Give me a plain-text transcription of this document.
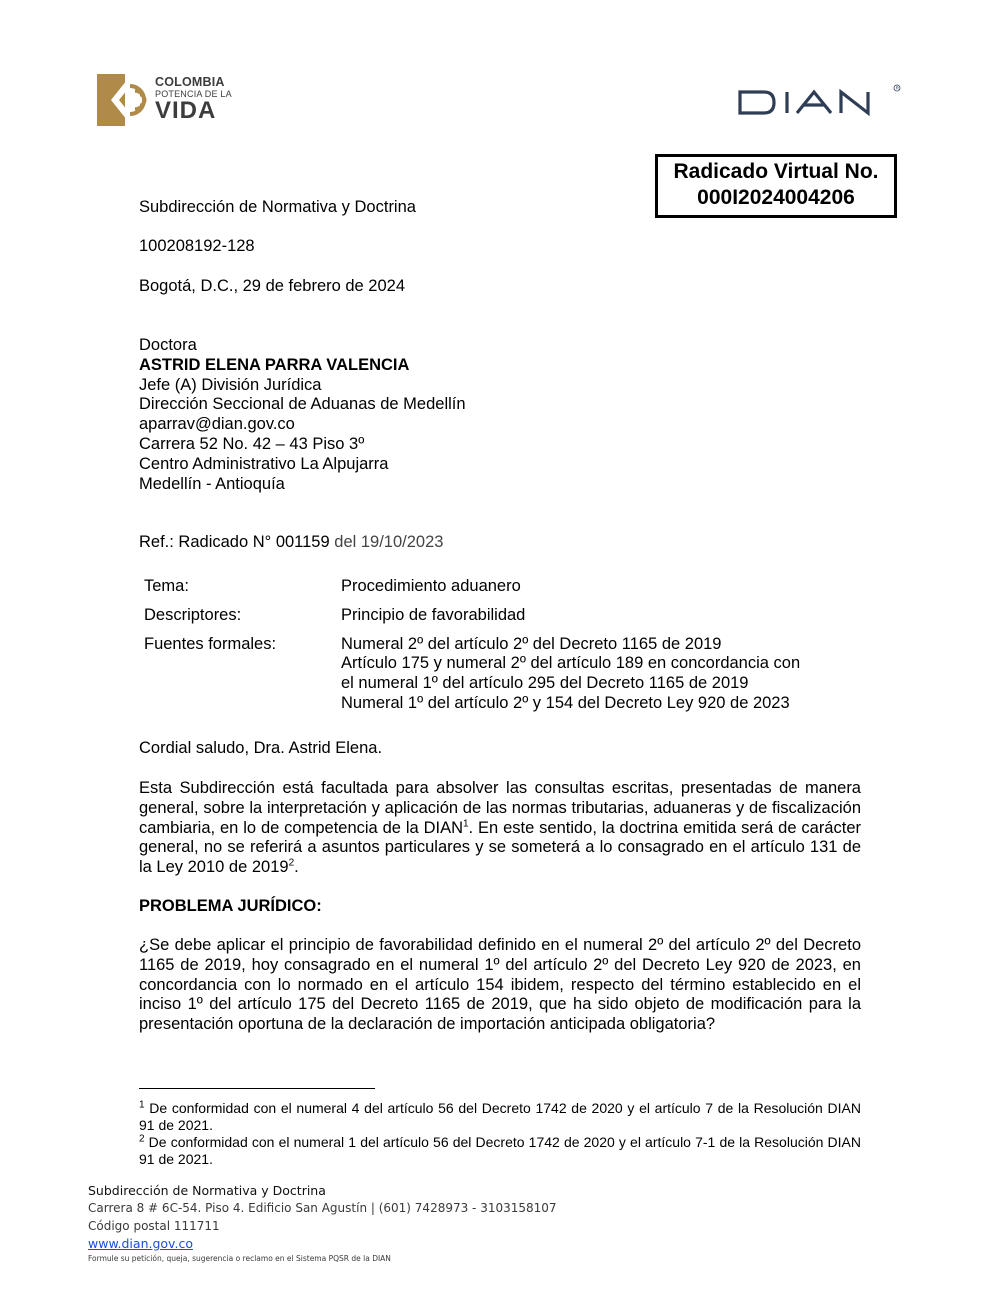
COLOMBIA
POTENCIA DE LA
VIDA
R
Radicado Virtual No.
000I2024004206
Subdirección de Normativa y Doctrina
100208192-128
Bogotá, D.C., 29 de febrero de 2024
Doctora
ASTRID ELENA PARRA VALENCIA
Jefe (A) División Jurídica
Dirección Seccional de Aduanas de Medellín
aparrav@dian.gov.co
Carrera 52 No. 42 – 43 Piso 3º
Centro Administrativo La Alpujarra
Medellín - Antioquía
Ref.: Radicado N° 001159 del 19/10/2023
Tema:	Procedimiento aduanero
Descriptores:	Principio de favorabilidad
Fuentes formales:	Numeral 2º del artículo 2º del Decreto 1165 de 2019
Artículo 175 y numeral 2º del artículo 189 en concordancia con
el numeral 1º del artículo 295 del Decreto 1165 de 2019
Numeral 1º del artículo 2º y 154 del Decreto Ley 920 de 2023
Cordial saludo, Dra. Astrid Elena.
Esta Subdirección está facultada para absolver las consultas escritas, presentadas de manera general, sobre la interpretación y aplicación de las normas tributarias, aduaneras y de fiscalización cambiaria, en lo de competencia de la DIAN$^1$. En este sentido, la doctrina emitida será de carácter general, no se referirá a asuntos particulares y se someterá a lo consagrado en el artículo 131 de la Ley 2010 de 2019$^2$.
PROBLEMA JURÍDICO:
¿Se debe aplicar el principio de favorabilidad definido en el numeral 2º del artículo 2º del Decreto 1165 de 2019, hoy consagrado en el numeral 1º del artículo 2º del Decreto Ley 920 de 2023, en concordancia con lo normado en el artículo 154 ibidem, respecto del término establecido en el inciso 1º del artículo 175 del Decreto 1165 de 2019, que ha sido objeto de modificación para la presentación oportuna de la declaración de importación anticipada obligatoria?
$^1$ De conformidad con el numeral 4 del artículo 56 del Decreto 1742 de 2020 y el artículo 7 de la Resolución DIAN 91 de 2021.
$^2$ De conformidad con el numeral 1 del artículo 56 del Decreto 1742 de 2020 y el artículo 7-1 de la Resolución DIAN 91 de 2021.
Subdirección de Normativa y Doctrina
Carrera 8 # 6C-54. Piso 4. Edificio San Agustín | (601) 7428973 - 3103158107
Código postal 111711
www.dian.gov.co
Formule su petición, queja, sugerencia o reclamo en el Sistema PQSR de la DIAN
